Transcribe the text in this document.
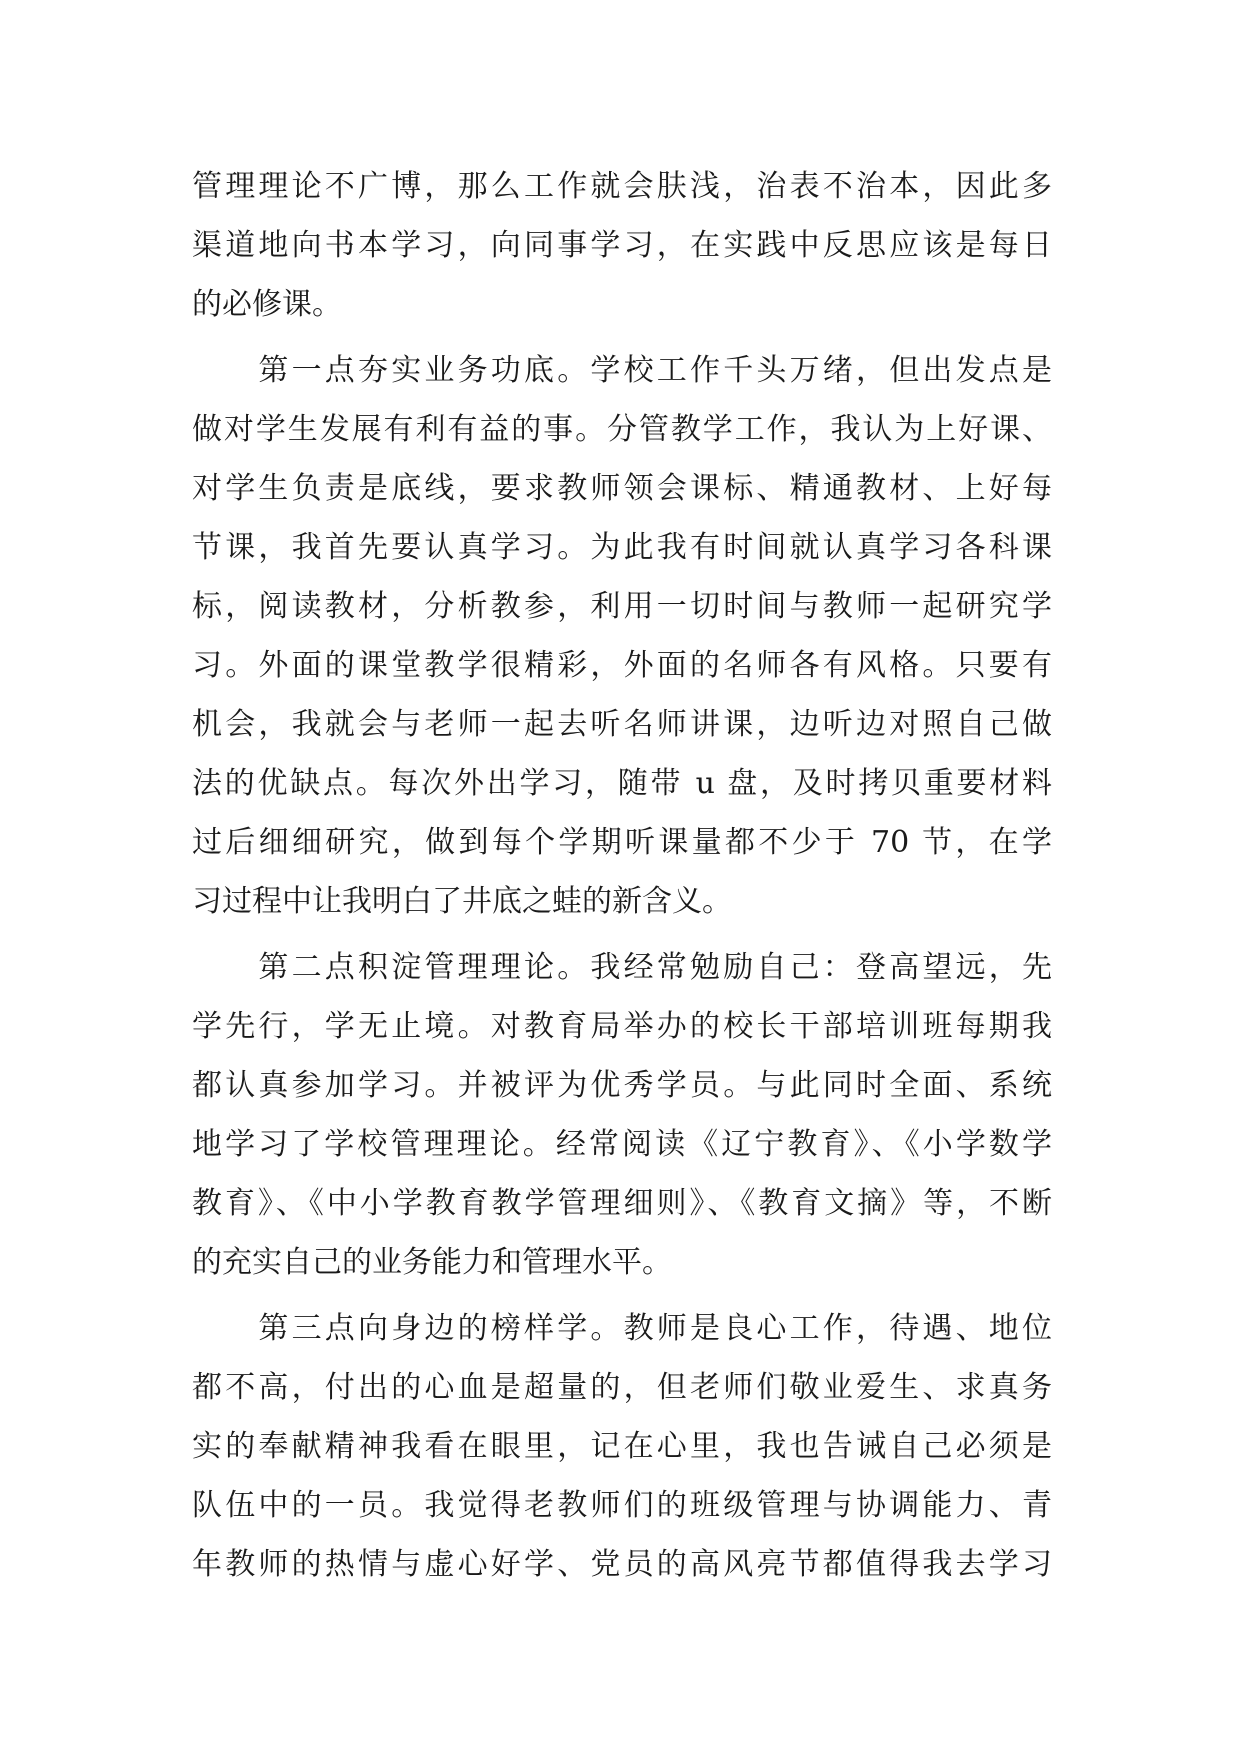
管理理论不广博，那么工作就会肤浅，治表不治本，因此多
渠道地向书本学习，向同事学习，在实践中反思应该是每日
的必修课。
　　第一点夯实业务功底。学校工作千头万绪，但出发点是
做对学生发展有利有益的事。分管教学工作，我认为上好课、
对学生负责是底线，要求教师领会课标、精通教材、上好每
节课，我首先要认真学习。为此我有时间就认真学习各科课
标，阅读教材，分析教参，利用一切时间与教师一起研究学
习。外面的课堂教学很精彩，外面的名师各有风格。只要有
机会，我就会与老师一起去听名师讲课，边听边对照自己做
法的优缺点。每次外出学习，随带 u 盘，及时拷贝重要材料
过后细细研究，做到每个学期听课量都不少于 70 节，在学
习过程中让我明白了井底之蛙的新含义。
　　第二点积淀管理理论。我经常勉励自己：登高望远，先
学先行，学无止境。对教育局举办的校长干部培训班每期我
都认真参加学习。并被评为优秀学员。与此同时全面、系统
地学习了学校管理理论。经常阅读《辽宁教育》、《小学数学
教育》、《中小学教育教学管理细则》、《教育文摘》等，不断
的充实自己的业务能力和管理水平。
　　第三点向身边的榜样学。教师是良心工作，待遇、地位
都不高，付出的心血是超量的，但老师们敬业爱生、求真务
实的奉献精神我看在眼里，记在心里，我也告诫自己必须是
队伍中的一员。我觉得老教师们的班级管理与协调能力、青
年教师的热情与虚心好学、党员的高风亮节都值得我去学习
